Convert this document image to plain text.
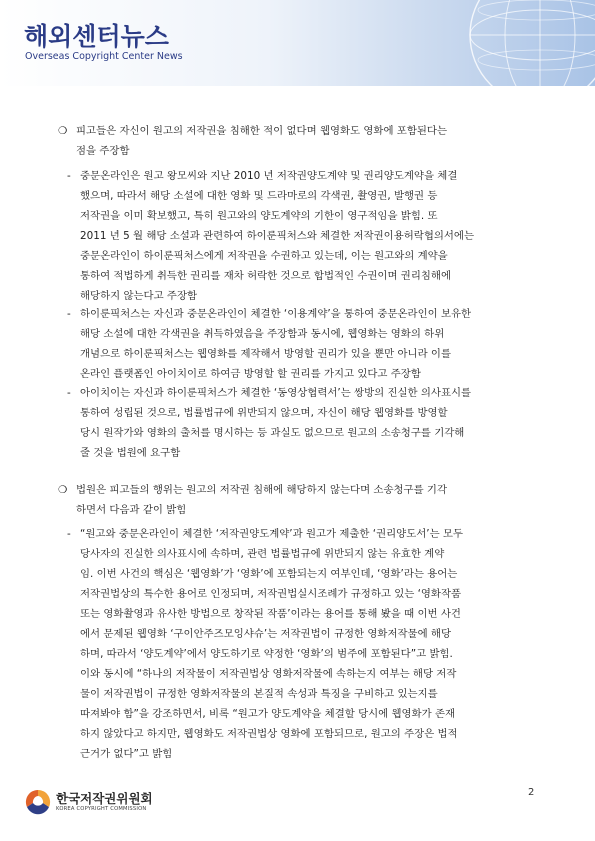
해외센터뉴스
Overseas Copyright Center News
❍ 피고들은 자신이 원고의 저작권을 침해한 적이 없다며 웹영화도 영화에 포함된다는
점을 주장함
- 중문온라인은 원고 왕모씨와 지난 2010 년 저작권양도계약 및 권리양도계약을 체결
했으며, 따라서 해당 소설에 대한 영화 및 드라마로의 각색권, 촬영권, 발행권 등
저작권을 이미 확보했고, 특히 원고와의 양도계약의 기한이 영구적임을 밝힘. 또
2011 년 5 월 해당 소설과 관련하여 하이룬픽처스와 체결한 저작권이용허락협의서에는
중문온라인이 하이룬픽처스에게 저작권을 수권하고 있는데, 이는 원고와의 계약을
통하여 적법하게 취득한 권리를 재차 허락한 것으로 합법적인 수권이며 권리침해에
해당하지 않는다고 주장함
- 하이룬픽처스는 자신과 중문온라인이 체결한 ‘이용계약’을 통하여 중문온라인이 보유한
해당 소설에 대한 각색권을 취득하였음을 주장함과 동시에, 웹영화는 영화의 하위
개념으로 하이룬픽처스는 웹영화를 제작해서 방영할 권리가 있을 뿐만 아니라 이를
온라인 플랫폼인 아이치이로 하여금 방영할 할 권리를 가지고 있다고 주장함
- 아이치이는 자신과 하이룬픽처스가 체결한 ‘동영상협력서’는 쌍방의 진실한 의사표시를
통하여 성립된 것으로, 법률법규에 위반되지 않으며, 자신이 해당 웹영화를 방영할
당시 원작가와 영화의 출처를 명시하는 등 과실도 없으므로 원고의 소송청구를 기각해
줄 것을 법원에 요구함
❍ 법원은 피고들의 행위는 원고의 저작권 침해에 해당하지 않는다며 소송청구를 기각
하면서 다음과 같이 밝힘
- “원고와 중문온라인이 체결한 ‘저작권양도계약’과 원고가 제출한 ‘권리양도서’는 모두
당사자의 진실한 의사표시에 속하며, 관련 법률법규에 위반되지 않는 유효한 계약
임. 이번 사건의 핵심은 ‘웹영화’가 ‘영화’에 포함되는지 여부인데, ‘영화’라는 용어는
저작권법상의 특수한 용어로 인정되며, 저작권법실시조례가 규정하고 있는 ‘영화작품
또는 영화촬영과 유사한 방법으로 창작된 작품’이라는 용어를 통해 봤을 때 이번 사건
에서 문제된 웹영화 ‘구이안주즈모잉샤슈’는 저작권법이 규정한 영화저작물에 해당
하며, 따라서 ‘양도계약’에서 양도하기로 약정한 ‘영화’의 범주에 포함된다”고 밝힘.
이와 동시에 “하나의 저작물이 저작권법상 영화저작물에 속하는지 여부는 해당 저작
물이 저작권법이 규정한 영화저작물의 본질적 속성과 특징을 구비하고 있는지를
따져봐야 함”을 강조하면서, 비록 “원고가 양도계약을 체결할 당시에 웹영화가 존재
하지 않았다고 하지만, 웹영화도 저작권법상 영화에 포함되므로, 원고의 주장은 법적
근거가 없다”고 밝힘
한국저작권위원회
KOREA COPYRIGHT COMMISSION
2
